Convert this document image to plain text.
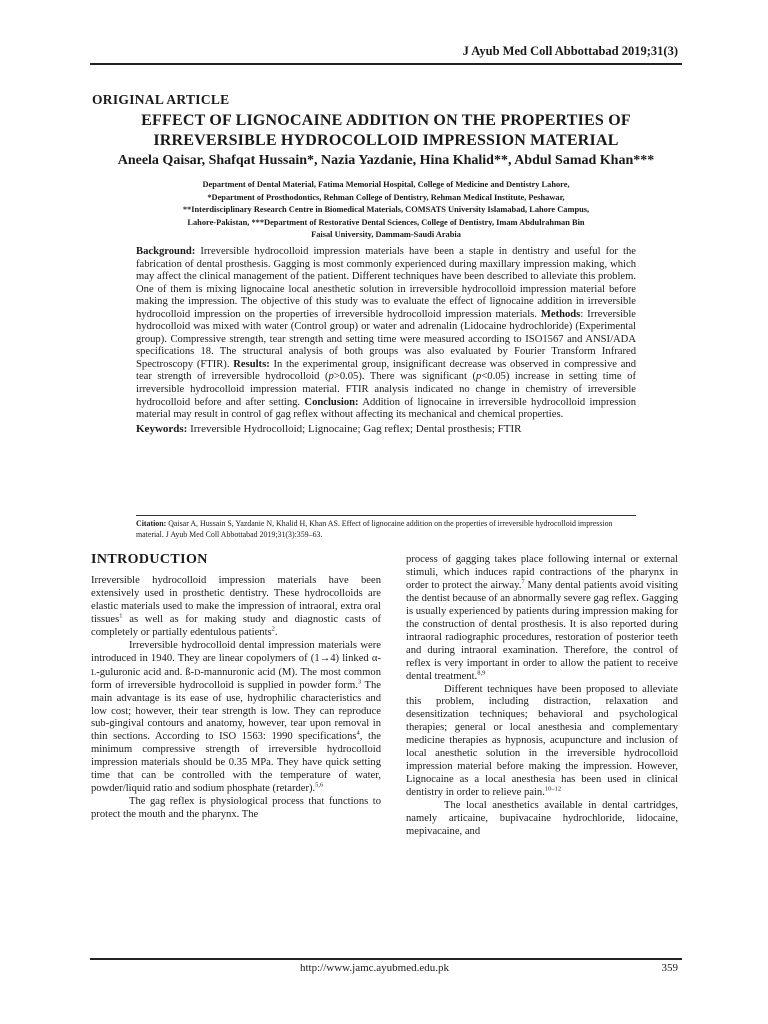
J Ayub Med Coll Abbottabad 2019;31(3)
ORIGINAL ARTICLE
EFFECT OF LIGNOCAINE ADDITION ON THE PROPERTIES OF
IRREVERSIBLE HYDROCOLLOID IMPRESSION MATERIAL
Aneela Qaisar, Shafqat Hussain*, Nazia Yazdanie, Hina Khalid**, Abdul Samad Khan***
Department of Dental Material, Fatima Memorial Hospital, College of Medicine and Dentistry Lahore,
*Department of Prosthodontics, Rehman College of Dentistry, Rehman Medical Institute, Peshawar,
**Interdisciplinary Research Centre in Biomedical Materials, COMSATS University Islamabad, Lahore Campus,
Lahore-Pakistan, ***Department of Restorative Dental Sciences, College of Dentistry, Imam Abdulrahman Bin
Faisal University, Dammam-Saudi Arabia

Background: Irreversible hydrocolloid impression materials have been a staple in dentistry and useful for the fabrication of dental prosthesis. Gagging is most commonly experienced during maxillary impression making, which may affect the clinical management of the patient. Different techniques have been described to alleviate this problem. One of them is mixing lignocaine local anesthetic solution in irreversible hydrocolloid impression material before making the impression. The objective of this study was to evaluate the effect of lignocaine addition in irreversible hydrocolloid impression on the properties of irreversible hydrocolloid impression materials. Methods: Irreversible hydrocolloid was mixed with water (Control group) or water and adrenalin (Lidocaine hydrochloride) (Experimental group). Compressive strength, tear strength and setting time were measured according to ISO1567 and ANSI/ADA specifications 18. The structural analysis of both groups was also evaluated by Fourier Transform Infrared Spectroscopy (FTIR). Results: In the experimental group, insignificant decrease was observed in compressive and tear strength of irreversible hydrocolloid (p>0.05). There was significant (p<0.05) increase in setting time of irreversible hydrocolloid impression material. FTIR analysis indicated no change in chemistry of irreversible hydrocolloid before and after setting. Conclusion: Addition of lignocaine in irreversible hydrocolloid impression material may result in control of gag reflex without affecting its mechanical and chemical properties.

Keywords: Irreversible Hydrocolloid; Lignocaine; Gag reflex; Dental prosthesis; FTIR

Citation: Qaisar A, Hussain S, Yazdanie N, Khalid H, Khan AS. Effect of lignocaine addition on the properties of irreversible hydrocolloid impression material. J Ayub Med Coll Abbottabad 2019;31(3):359–63.
INTRODUCTION

Irreversible hydrocolloid impression materials have been extensively used in prosthetic dentistry. These hydrocolloids are elastic materials used to make the impression of intraoral, extra oral tissues$^1$ as well as for making study and diagnostic casts of completely or partially edentulous patients$^2$.

Irreversible hydrocolloid dental impression materials were introduced in 1940. They are linear copolymers of (1→4) linked α-L-guluronic acid and. ß-D-mannuronic acid (M). The most common form of irreversible hydrocolloid is supplied in powder form.$^3$ The main advantage is its ease of use, hydrophilic characteristics and low cost; however, their tear strength is low. They can reproduce sub-gingival contours and anatomy, however, tear upon removal in thin sections. According to ISO 1563: 1990 specifications$^4$, the minimum compressive strength of irreversible hydrocolloid impression materials should be 0.35 MPa. They have quick setting time that can be controlled with the temperature of water, powder/liquid ratio and sodium phosphate (retarder).$^{5,6}$

The gag reflex is physiological process that functions to protect the mouth and the pharynx. The

process of gagging takes place following internal or external stimuli, which induces rapid contractions of the pharynx in order to protect the airway.$^7$ Many dental patients avoid visiting the dentist because of an abnormally severe gag reflex. Gagging is usually experienced by patients during impression making for the construction of dental prosthesis. It is also reported during intraoral radiographic procedures, restoration of posterior teeth and during intraoral examination. Therefore, the control of reflex is very important in order to allow the patient to receive dental treatment.$^{8,9}$

Different techniques have been proposed to alleviate this problem, including distraction, relaxation and desensitization techniques; behavioral and psychological therapies; general or local anesthesia and complementary medicine therapies as hypnosis, acupuncture and inclusion of local anesthetic solution in the irreversible hydrocolloid impression material before making the impression. However, Lignocaine as a local anesthesia has been used in clinical dentistry in order to relieve pain.$^{10-12}$

The local anesthetics available in dental cartridges, namely articaine, bupivacaine hydrochloride, lidocaine, mepivacaine, and

http://www.jamc.ayubmed.edu.pk	359
